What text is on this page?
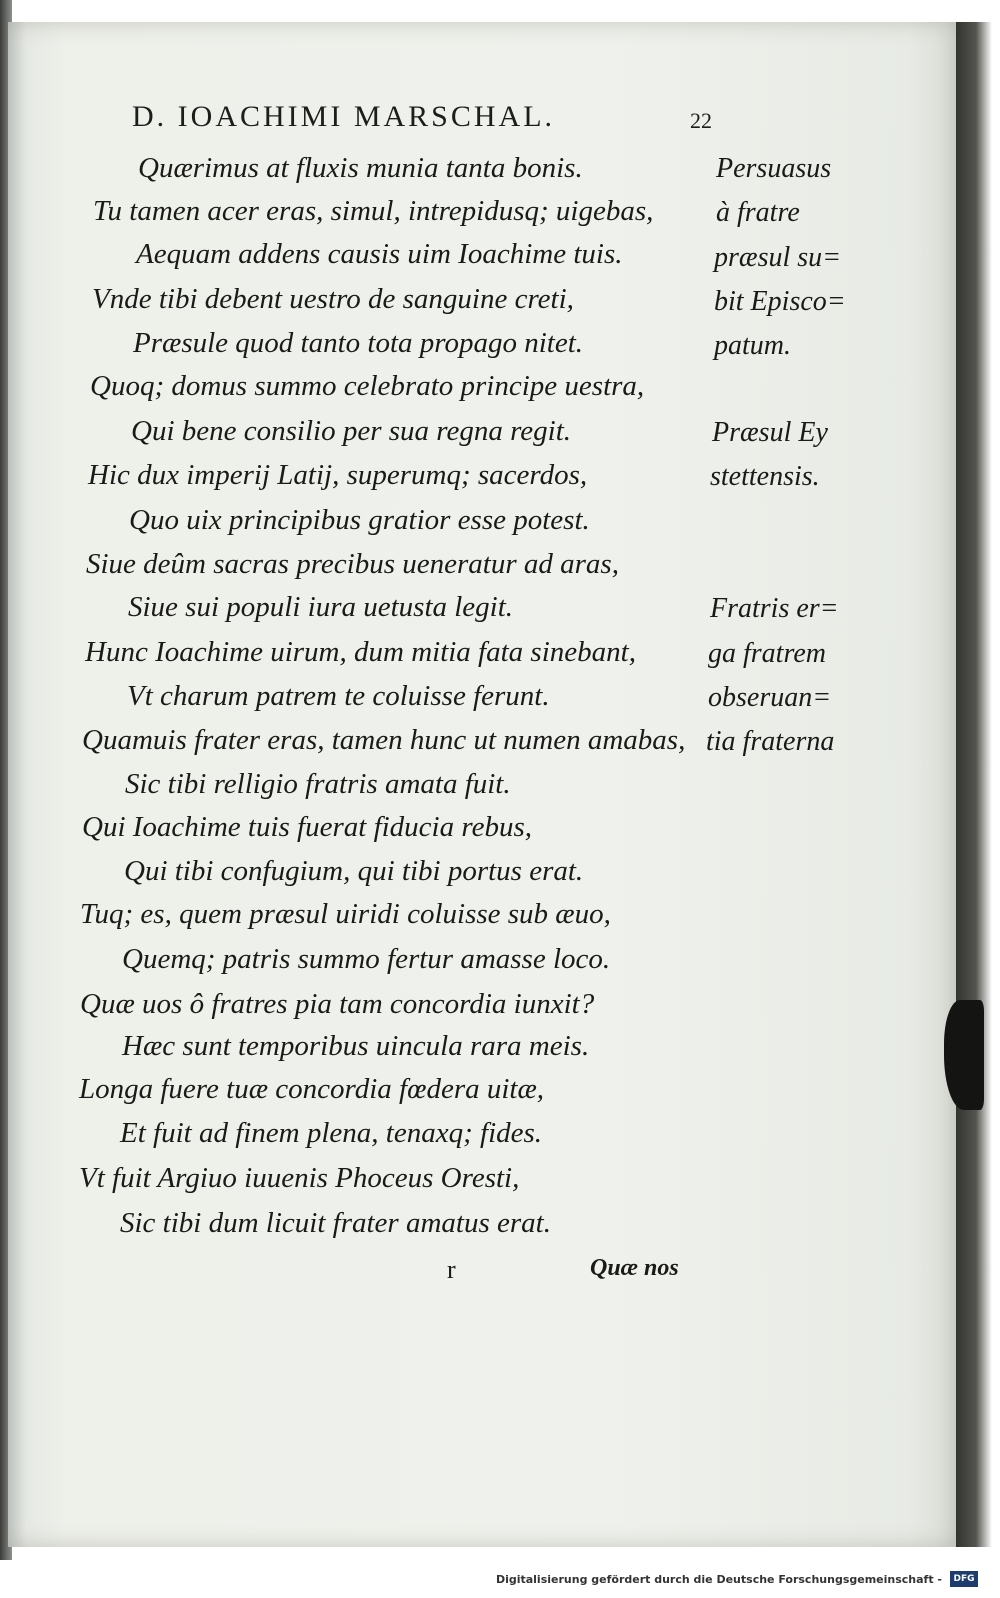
D. IOACHIMI MARSCHAL.	22

Quærimus at fluxis munia tanta bonis.

Tu tamen acer eras, simul, intrepidusq; uigebas,

Aequam addens causis uim Ioachime tuis.

Vnde tibi debent uestro de sanguine creti,

Præsule quod tanto tota propago nitet.

Quoq; domus summo celebrato principe uestra,

Qui bene consilio per sua regna regit.

Hic dux imperij Latij, superumq; sacerdos,

Quo uix principibus gratior esse potest.

Siue deûm sacras precibus ueneratur ad aras,

Siue sui populi iura uetusta legit.

Hunc Ioachime uirum, dum mitia fata sinebant,

Vt charum patrem te coluisse ferunt.

Quamuis frater eras, tamen hunc ut numen amabas,

Sic tibi relligio fratris amata fuit.

Qui Ioachime tuis fuerat fiducia rebus,

Qui tibi confugium, qui tibi portus erat.

Tuq; es, quem præsul uiridi coluisse sub æuo,

Quemq; patris summo fertur amasse loco.

Quæ uos ô fratres pia tam concordia iunxit?

Hæc sunt temporibus uincula rara meis.

Longa fuere tuæ concordia fœdera uitæ,

Et fuit ad finem plena, tenaxq; fides.

Vt fuit Argiuo iuuenis Phoceus Oresti,

Sic tibi dum licuit frater amatus erat.

Persuasus

à fratre

præsul su=

bit Episco=

patum.

Præsul Ey

stettensis.

Fratris er=

ga fratrem

obseruan=

tia fraterna

r	Quæ nos
Digitalisierung gefördert durch die Deutsche Forschungsgemeinschaft -	DFG
